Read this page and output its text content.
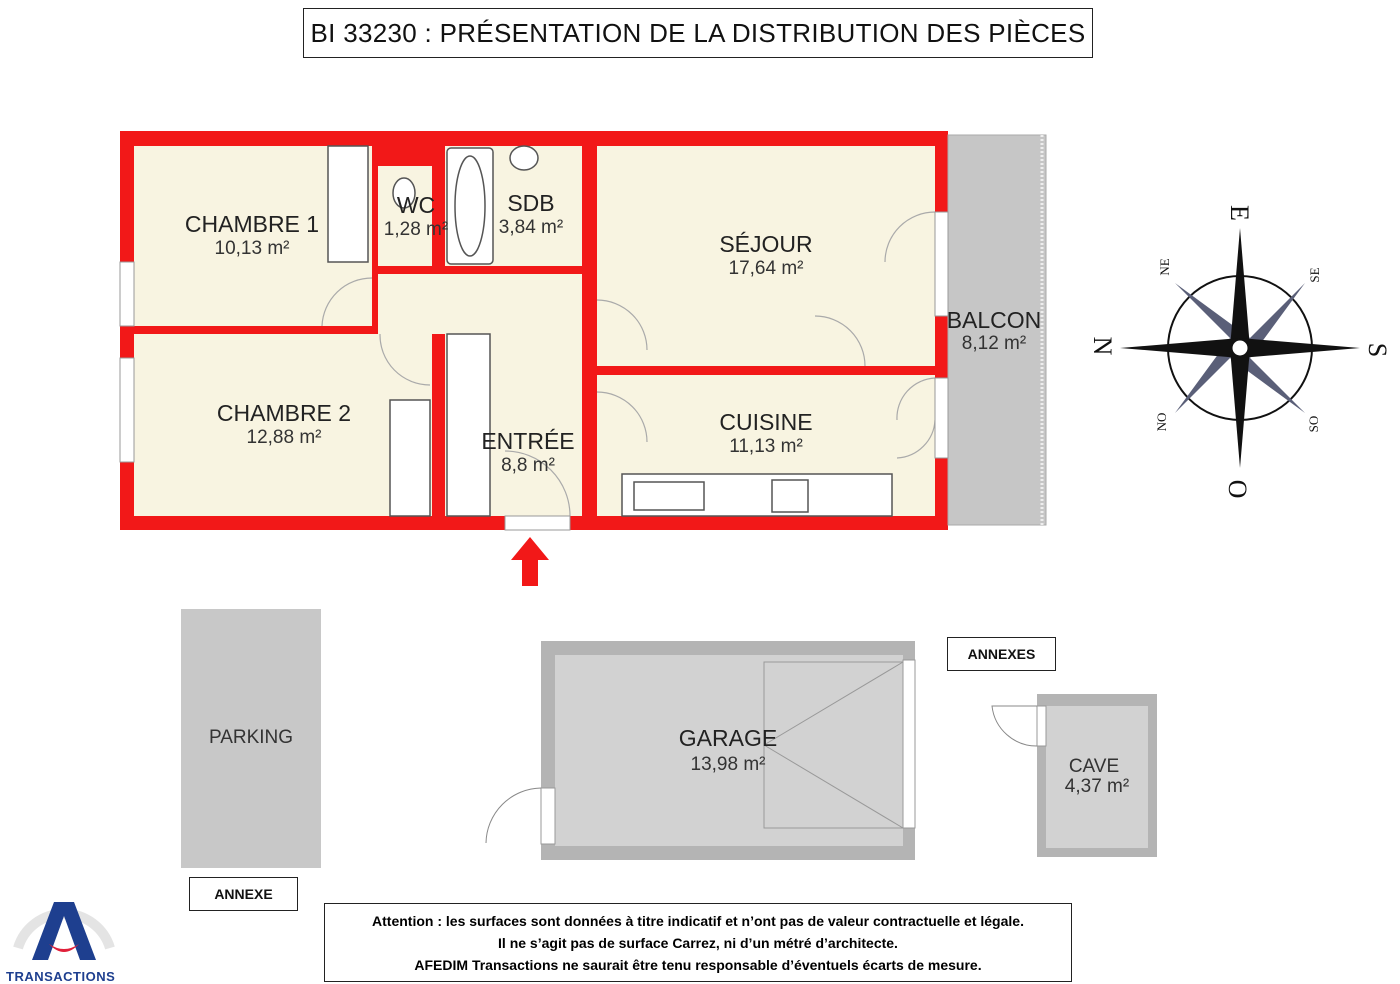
BI 33230 : PRÉSENTATION DE LA DISTRIBUTION DES PIÈCES
CHAMBRE 1
10,13 m²
WC
1,28 m²
SDB
3,84 m²
SÉJOUR
17,64 m²
BALCON
8,12 m²
CHAMBRE 2
12,88 m²	ENTRÉE
8,8 m²
CUISINE
11,13 m²
N
E
S
O
NE	SE
NO	SO
PARKING	GARAGE
13,98 m²	CAVE
4,37 m²
ANNEXES
ANNEXE
Attention : les surfaces sont données à titre indicatif et n’ont pas de valeur contractuelle et légale.
Il ne s’agit pas de surface Carrez, ni d’un métré d’architecte.
AFEDIM Transactions ne saurait être tenu responsable d’éventuels écarts de mesure.
TRANSACTIONS
